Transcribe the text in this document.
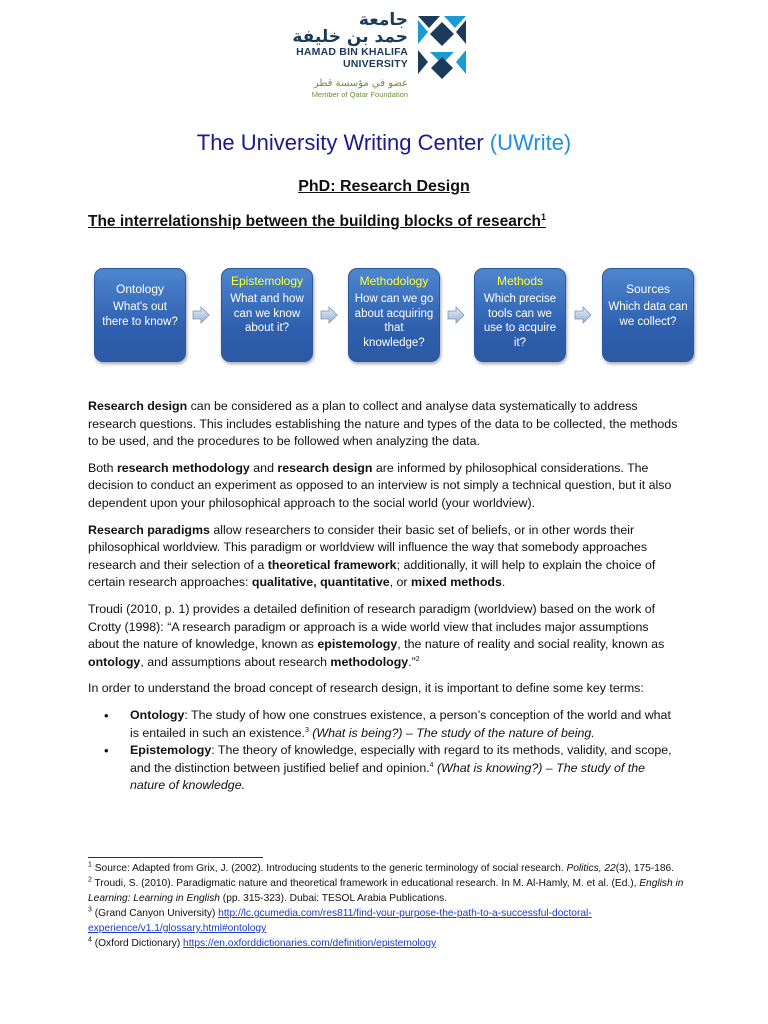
جامعة
حمد بن خليفة
HAMAD BIN KHALIFA
UNIVERSITY
عضو في مؤسسة قطر
Member of Qatar Foundation
The University Writing Center (UWrite)
PhD: Research Design
The interrelationship between the building blocks of research$^1$
Ontology
What's out there to know?
Epistemology
What and how can we know about it?
Methodology
How can we go about acquiring that knowledge?
Methods
Which precise tools can we use to acquire it?
Sources
Which data can we collect?

Research design can be considered as a plan to collect and analyse data systematically to address research questions. This includes establishing the nature and types of the data to be collected, the methods to be used, and the procedures to be followed when analyzing the data.

Both research methodology and research design are informed by philosophical considerations. The decision to conduct an experiment as opposed to an interview is not simply a technical question, but it also dependent upon your philosophical approach to the social world (your worldview).

Research paradigms allow researchers to consider their basic set of beliefs, or in other words their philosophical worldview. This paradigm or worldview will influence the way that somebody approaches research and their selection of a theoretical framework; additionally, it will help to explain the choice of certain research approaches: qualitative, quantitative, or mixed methods.

Troudi (2010, p. 1) provides a detailed definition of research paradigm (worldview) based on the work of Crotty (1998): “A research paradigm or approach is a wide world view that includes major assumptions about the nature of knowledge, known as epistemology, the nature of reality and social reality, known as ontology, and assumptions about research methodology.”$^2$

In order to understand the broad concept of research design, it is important to define some key terms:

• Ontology: The study of how one construes existence, a person’s conception of the world and what is entailed in such an existence.$^3$ (What is being?) – The study of the nature of being.
• Epistemology: The theory of knowledge, especially with regard to its methods, validity, and scope, and the distinction between justified belief and opinion.$^4$ (What is knowing?) – The study of the nature of knowledge.
$^1$ Source: Adapted from Grix, J. (2002). Introducing students to the generic terminology of social research. Politics, 22(3), 175-186.
$^2$ Troudi, S. (2010). Paradigmatic nature and theoretical framework in educational research. In M. Al-Hamly, M. et al. (Ed.), English in Learning: Learning in English (pp. 315-323). Dubai: TESOL Arabia Publications.
$^3$ (Grand Canyon University) http://lc.gcumedia.com/res811/find-your-purpose-the-path-to-a-successful-doctoral-experience/v1.1/glossary.html#ontology
$^4$ (Oxford Dictionary) https://en.oxforddictionaries.com/definition/epistemology
